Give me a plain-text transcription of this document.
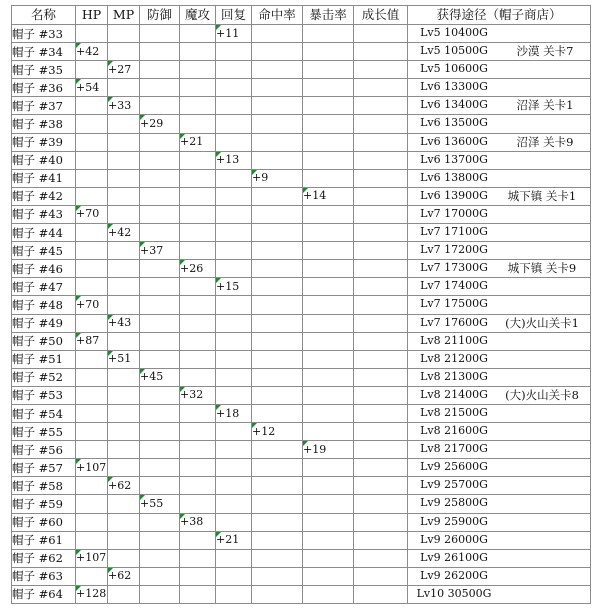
名称	HP	MP	防御	魔攻	回复	命中率	暴击率	成长值	获得途径（帽子商店）
帽子 #33					+11				Lv5 10400G

帽子 #34	+42								Lv5 10500G 沙漠 关卡7

帽子 #35		+27							Lv5 10600G

帽子 #36	+54								Lv6 13300G

帽子 #37		+33							Lv6 13400G 沼泽 关卡1

帽子 #38			+29						Lv6 13500G

帽子 #39				+21					Lv6 13600G 沼泽 关卡9

帽子 #40					+13				Lv6 13700G

帽子 #41						+9			Lv6 13800G

帽子 #42							+14		Lv6 13900G 城下镇 关卡1

帽子 #43	+70								Lv7 17000G

帽子 #44		+42							Lv7 17100G

帽子 #45			+37						Lv7 17200G

帽子 #46				+26					Lv7 17300G 城下镇 关卡9

帽子 #47					+15				Lv7 17400G

帽子 #48	+70								Lv7 17500G

帽子 #49		+43							Lv7 17600G (大)火山关卡1

帽子 #50	+87								Lv8 21100G

帽子 #51		+51							Lv8 21200G

帽子 #52			+45						Lv8 21300G

帽子 #53				+32					Lv8 21400G (大)火山关卡8

帽子 #54					+18				Lv8 21500G

帽子 #55						+12			Lv8 21600G

帽子 #56							+19		Lv8 21700G

帽子 #57	+107								Lv9 25600G

帽子 #58		+62							Lv9 25700G

帽子 #59			+55						Lv9 25800G

帽子 #60				+38					Lv9 25900G

帽子 #61					+21				Lv9 26000G

帽子 #62	+107								Lv9 26100G

帽子 #63		+62							Lv9 26200G

帽子 #64	+128								Lv10 30500G
